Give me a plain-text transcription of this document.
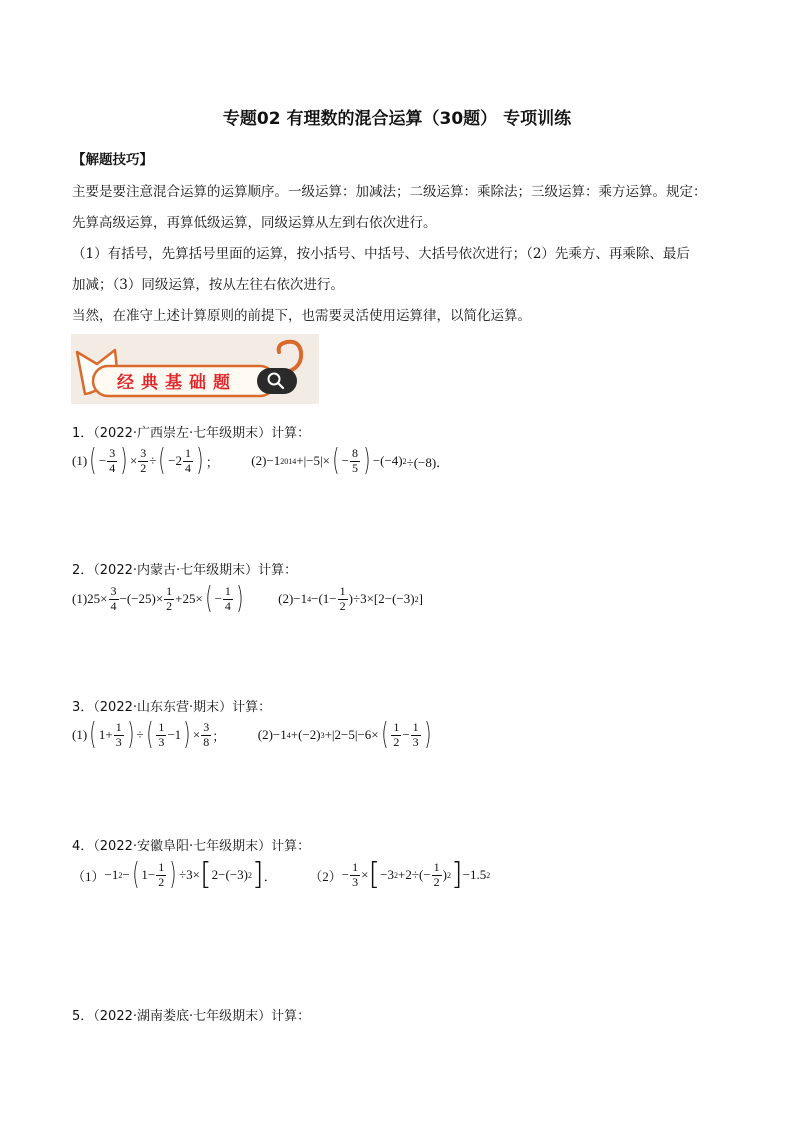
专题02 有理数的混合运算（30题） 专项训练
【解题技巧】
主要是要注意混合运算的运算顺序。一级运算：加减法；二级运算：乘除法；三级运算：乘方运算。规定：
先算高级运算，再算低级运算，同级运算从左到右依次进行。
（1）有括号，先算括号里面的运算，按小括号、中括号、大括号依次进行；（2）先乘方、再乘除、最后
加减；（3）同级运算，按从左往右依次进行。
当然，在准守上述计算原则的前提下，也需要灵活使用运算律，以简化运算。
经典基础题
1．（2022·广西崇左·七年级期末）计算：
(1) ( − $\frac{3}{4}$ ) × $\frac{3}{2}$ ÷ ( $-2 \frac{1}{4}$ ) ；	(2) −1 2014 +|−5|× ( − $\frac{8}{5}$ ) −(−4) 2 ÷(−8)．
2．（2022·内蒙古·七年级期末）计算：
(1) $25\times \frac{3}{4} -(-25)\times \frac{1}{2} +25\times$ ( − $\frac{1}{4}$ )
	(2) −1 $4 -(1- \frac{1}{2} )\div 3\times[2-(-3)$ 2 ]
3．（2022·山东东营·期末）计算：
(1) ( $1+ \frac{1}{3}$ ) ÷ ( $\frac{1}{3} -1$ ) × $\frac{3}{8}$ ；	(2) −1 4 +(−2) 3 +|2−5|−6× ( $\frac{1}{2} - \frac{1}{3}$ )
4．（2022·安徽阜阳·七年级期末）计算：
（1） −1 2 − ( $1- \frac{1}{2}$ ) ÷3× [ 2−(−3) 2 ] ．	$(2) - \frac{1}{3}$ × [ −3 $2 +2\div(- \frac{1}{2}$ ) 2 ] −1.5 2
5．（2022·湖南娄底·七年级期末）计算：
